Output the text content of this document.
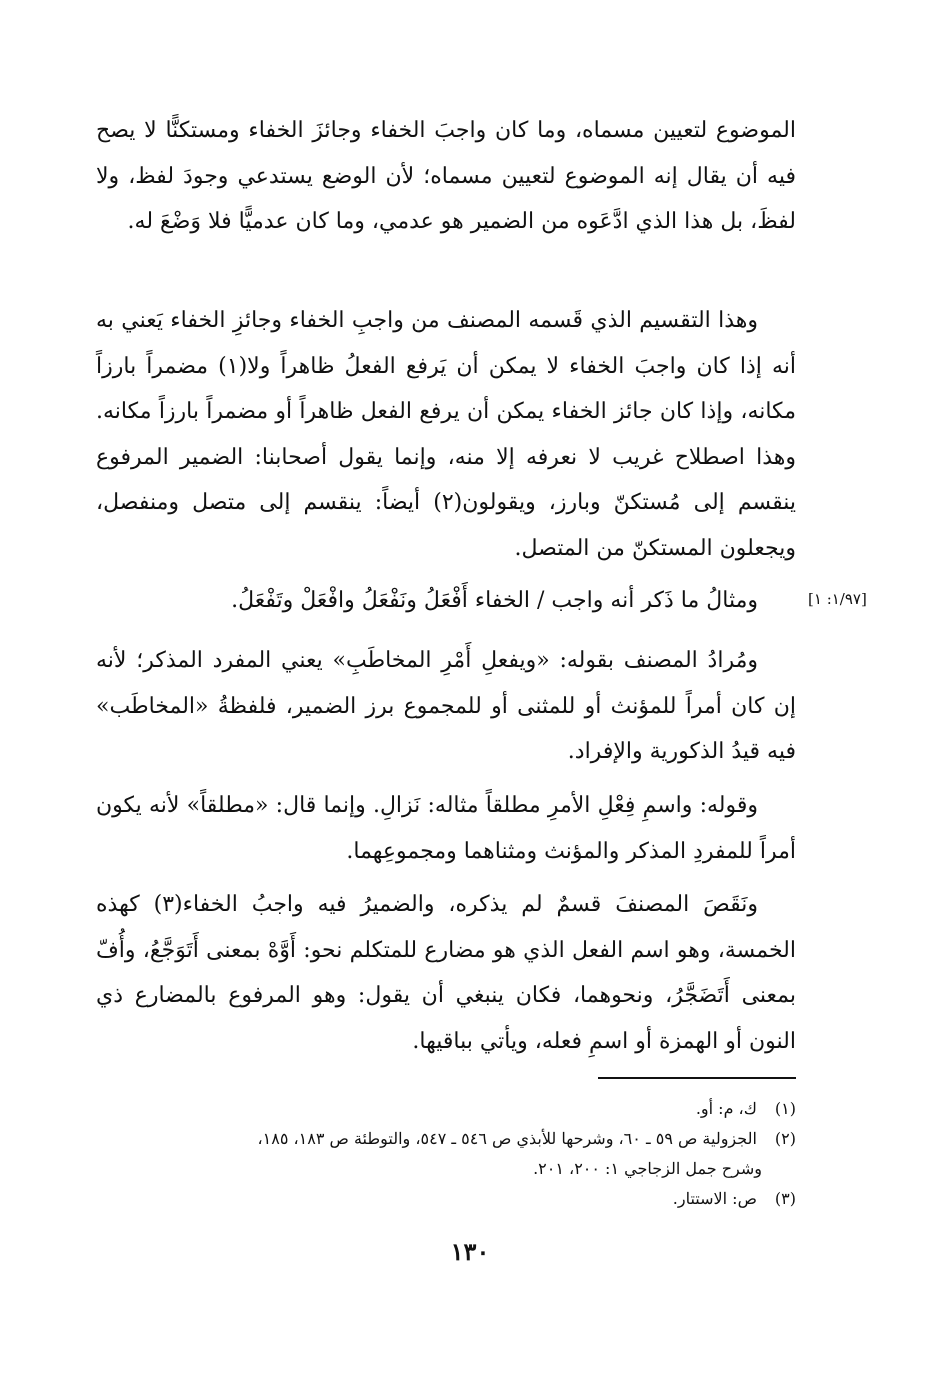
الموضوع لتعيين مسماه، وما كان واجبَ الخفاء وجائزَ الخفاء ومستكنًّا لا يصح فيه أن يقال إنه الموضوع لتعيين مسماه؛ لأن الوضع يستدعي وجودَ لفظ، ولا لفظَ، بل هذا الذي ادَّعَوه من الضمير هو عدمي، وما كان عدميًّا فلا وَضْعَ له.

وهذا التقسيم الذي قَسمه المصنف من واجبِ الخفاء وجائزِ الخفاء يَعني به أنه إذا كان واجبَ الخفاء لا يمكن أن يَرفع الفعلُ ظاهراً ولا(١) مضمراً بارزاً مكانه، وإذا كان جائز الخفاء يمكن أن يرفع الفعل ظاهراً أو مضمراً بارزاً مكانه. وهذا اصطلاح غريب لا نعرفه إلا منه، وإنما يقول أصحابنا: الضمير المرفوع ينقسم إلى مُستكنّ وبارز، ويقولون(٢) أيضاً: ينقسم إلى متصل ومنفصل، ويجعلون المستكنّ من المتصل.

ومثالُ ما ذَكر أنه واجب / الخفاء أَفْعَلُ ونَفْعَلُ وافْعَلْ وتَفْعَلُ.	[١/٩٧: ١]

ومُرادُ المصنف بقوله: «ويفعلِ أَمْرِ المخاطَبِ» يعني المفرد المذكر؛ لأنه إن كان أمراً للمؤنث أو للمثنى أو للمجموع برز الضمير، فلفظةُ «المخاطَب» فيه قيدُ الذكورية والإفراد.

وقوله: واسمِ فِعْلِ الأمرِ مطلقاً مثاله: نَزالِ. وإنما قال: «مطلقاً» لأنه يكون أمراً للمفردِ المذكر والمؤنث ومثناهما ومجموعِهما.

ونَقَصَ المصنفَ قسمٌ لم يذكره، والضميرُ فيه واجبُ الخفاء(٣) كهذه الخمسة، وهو اسم الفعل الذي هو مضارع للمتكلم نحو: أَوَّهْ بمعنى أَتَوَجَّعُ، وأُفّ بمعنى أَتَضَجَّرُ، ونحوهما، فكان ينبغي أن يقول: وهو المرفوع بالمضارع ذي النون أو الهمزة أو اسمِ فعله، ويأتي بباقيها.

(١) ك، م: أو.

(٢) الجزولية ص ٥٩ ـ ٦٠، وشرحها للأبذي ص ٥٤٦ ـ ٥٤٧، والتوطئة ص ١٨٣، ١٨٥،

وشرح جمل الزجاجي ١: ٢٠٠، ٢٠١.

(٣) ص: الاستتار.

١٣٠
